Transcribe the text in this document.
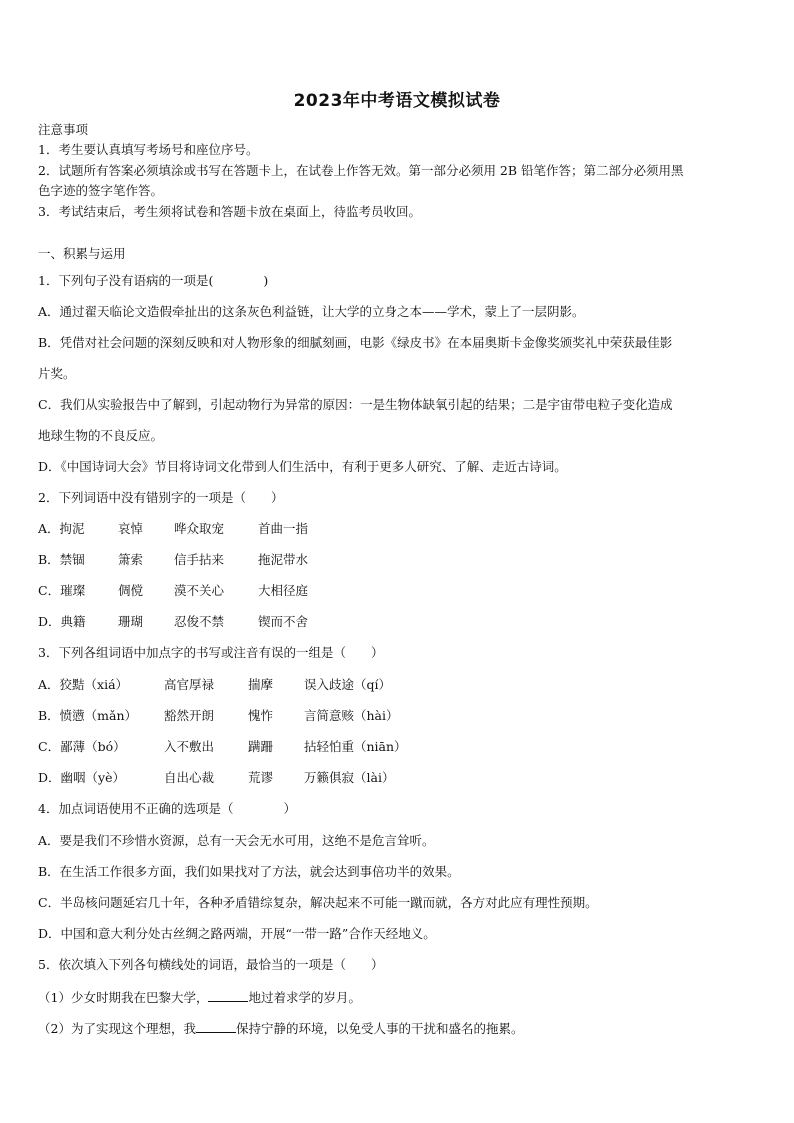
2023年中考语文模拟试卷
注意事项
1．考生要认真填写考场号和座位序号。
2．试题所有答案必须填涂或书写在答题卡上，在试卷上作答无效。第一部分必须用 2B 铅笔作答；第二部分必须用黑
色字迹的签字笔作答。
3．考试结束后，考生须将试卷和答题卡放在桌面上，待监考员收回。
一、积累与运用
1．下列句子没有语病的一项是(　　　　)
A．通过翟天临论文造假牵扯出的这条灰色利益链，让大学的立身之本——学术，蒙上了一层阴影。
B．凭借对社会问题的深刻反映和对人物形象的细腻刻画，电影《绿皮书》在本届奥斯卡金像奖颁奖礼中荣获最佳影
片奖。
C．我们从实验报告中了解到，引起动物行为异常的原因：一是生物体缺氧引起的结果；二是宇宙带电粒子变化造成
地球生物的不良反应。
D．《中国诗词大会》节目将诗词文化带到人们生活中，有利于更多人研究、了解、走近古诗词。
2．下列词语中没有错别字的一项是（　　）
A．拘泥	哀悼 哗众取宠	首曲一指
B．禁锢	箫索 信手拈来	拖泥带水
C．璀璨	倜傥 漠不关心	大相径庭
D．典籍	珊瑚 忍俊不禁	锲而不舍
3．下列各组词语中加点字的书写或注音有误的一组是（　　）
A．狡黠（xiá）	高官厚禄	揣摩 误入歧途（qí）
B．愤懑（mǎn） 豁然开朗	愧怍 言简意赅（hài）
C．鄙薄（bó）	入不敷出	蹒跚 拈轻怕重（niān）
D．幽咽（yè）	自出心裁	荒谬 万籁俱寂（lài）
4．加点词语使用不正确的选项是（　　　　）
A．要是我们不珍惜水资源，总有一天会无水可用，这绝不是危言耸听。
B．在生活工作很多方面，我们如果找对了方法，就会达到事倍功半的效果。
C．半岛核问题延宕几十年，各种矛盾错综复杂，解决起来不可能一蹴而就，各方对此应有理性预期。
D．中国和意大利分处古丝绸之路两端，开展“一带一路”合作天经地义。
5．依次填入下列各句横线处的词语，最恰当的一项是（　　）
（1）少女时期我在巴黎大学，	地过着求学的岁月。
（2）为了实现这个理想，我	保持宁静的环境，以免受人事的干扰和盛名的拖累。
